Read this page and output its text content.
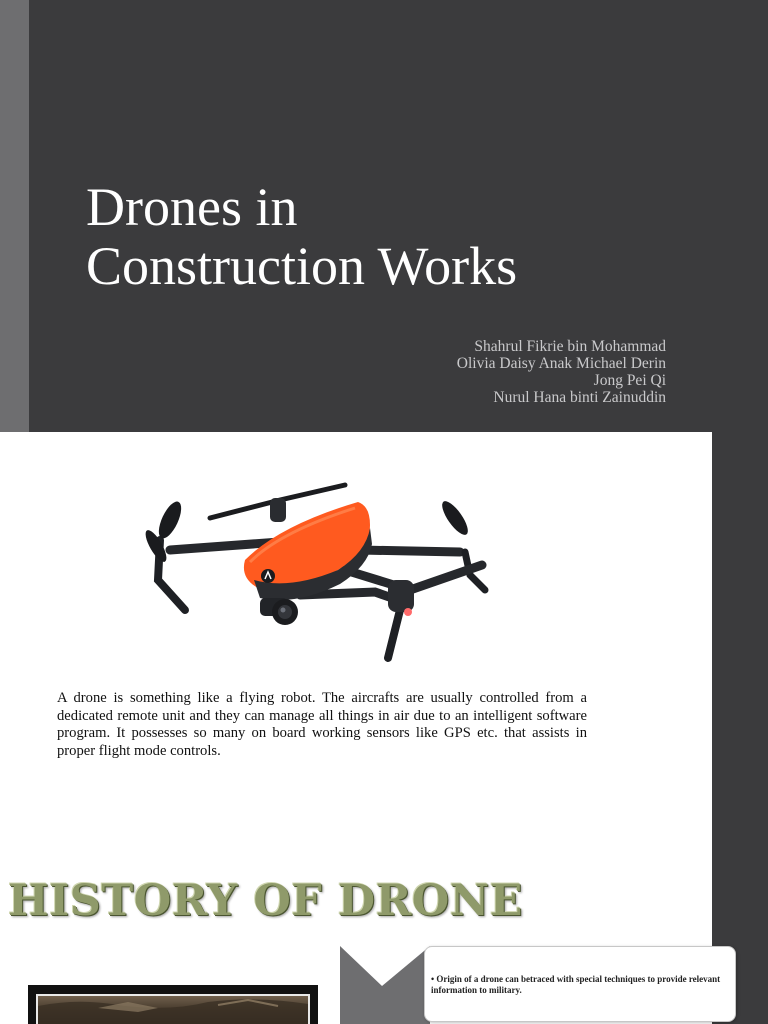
Drones in
Construction Works
Shahrul Fikrie bin Mohammad
Olivia Daisy Anak Michael Derin
Jong Pei Qi
Nurul Hana binti Zainuddin

A drone is something like a flying robot. The aircrafts are usually controlled from a dedicated remote unit and they can manage all things in air due to an intelligent software program. It possesses so many on board working sensors like GPS etc. that assists in proper flight mode controls.

HISTORY OF DRONE

• Origin of a drone can betraced with special techniques to provide relevant information to military.
